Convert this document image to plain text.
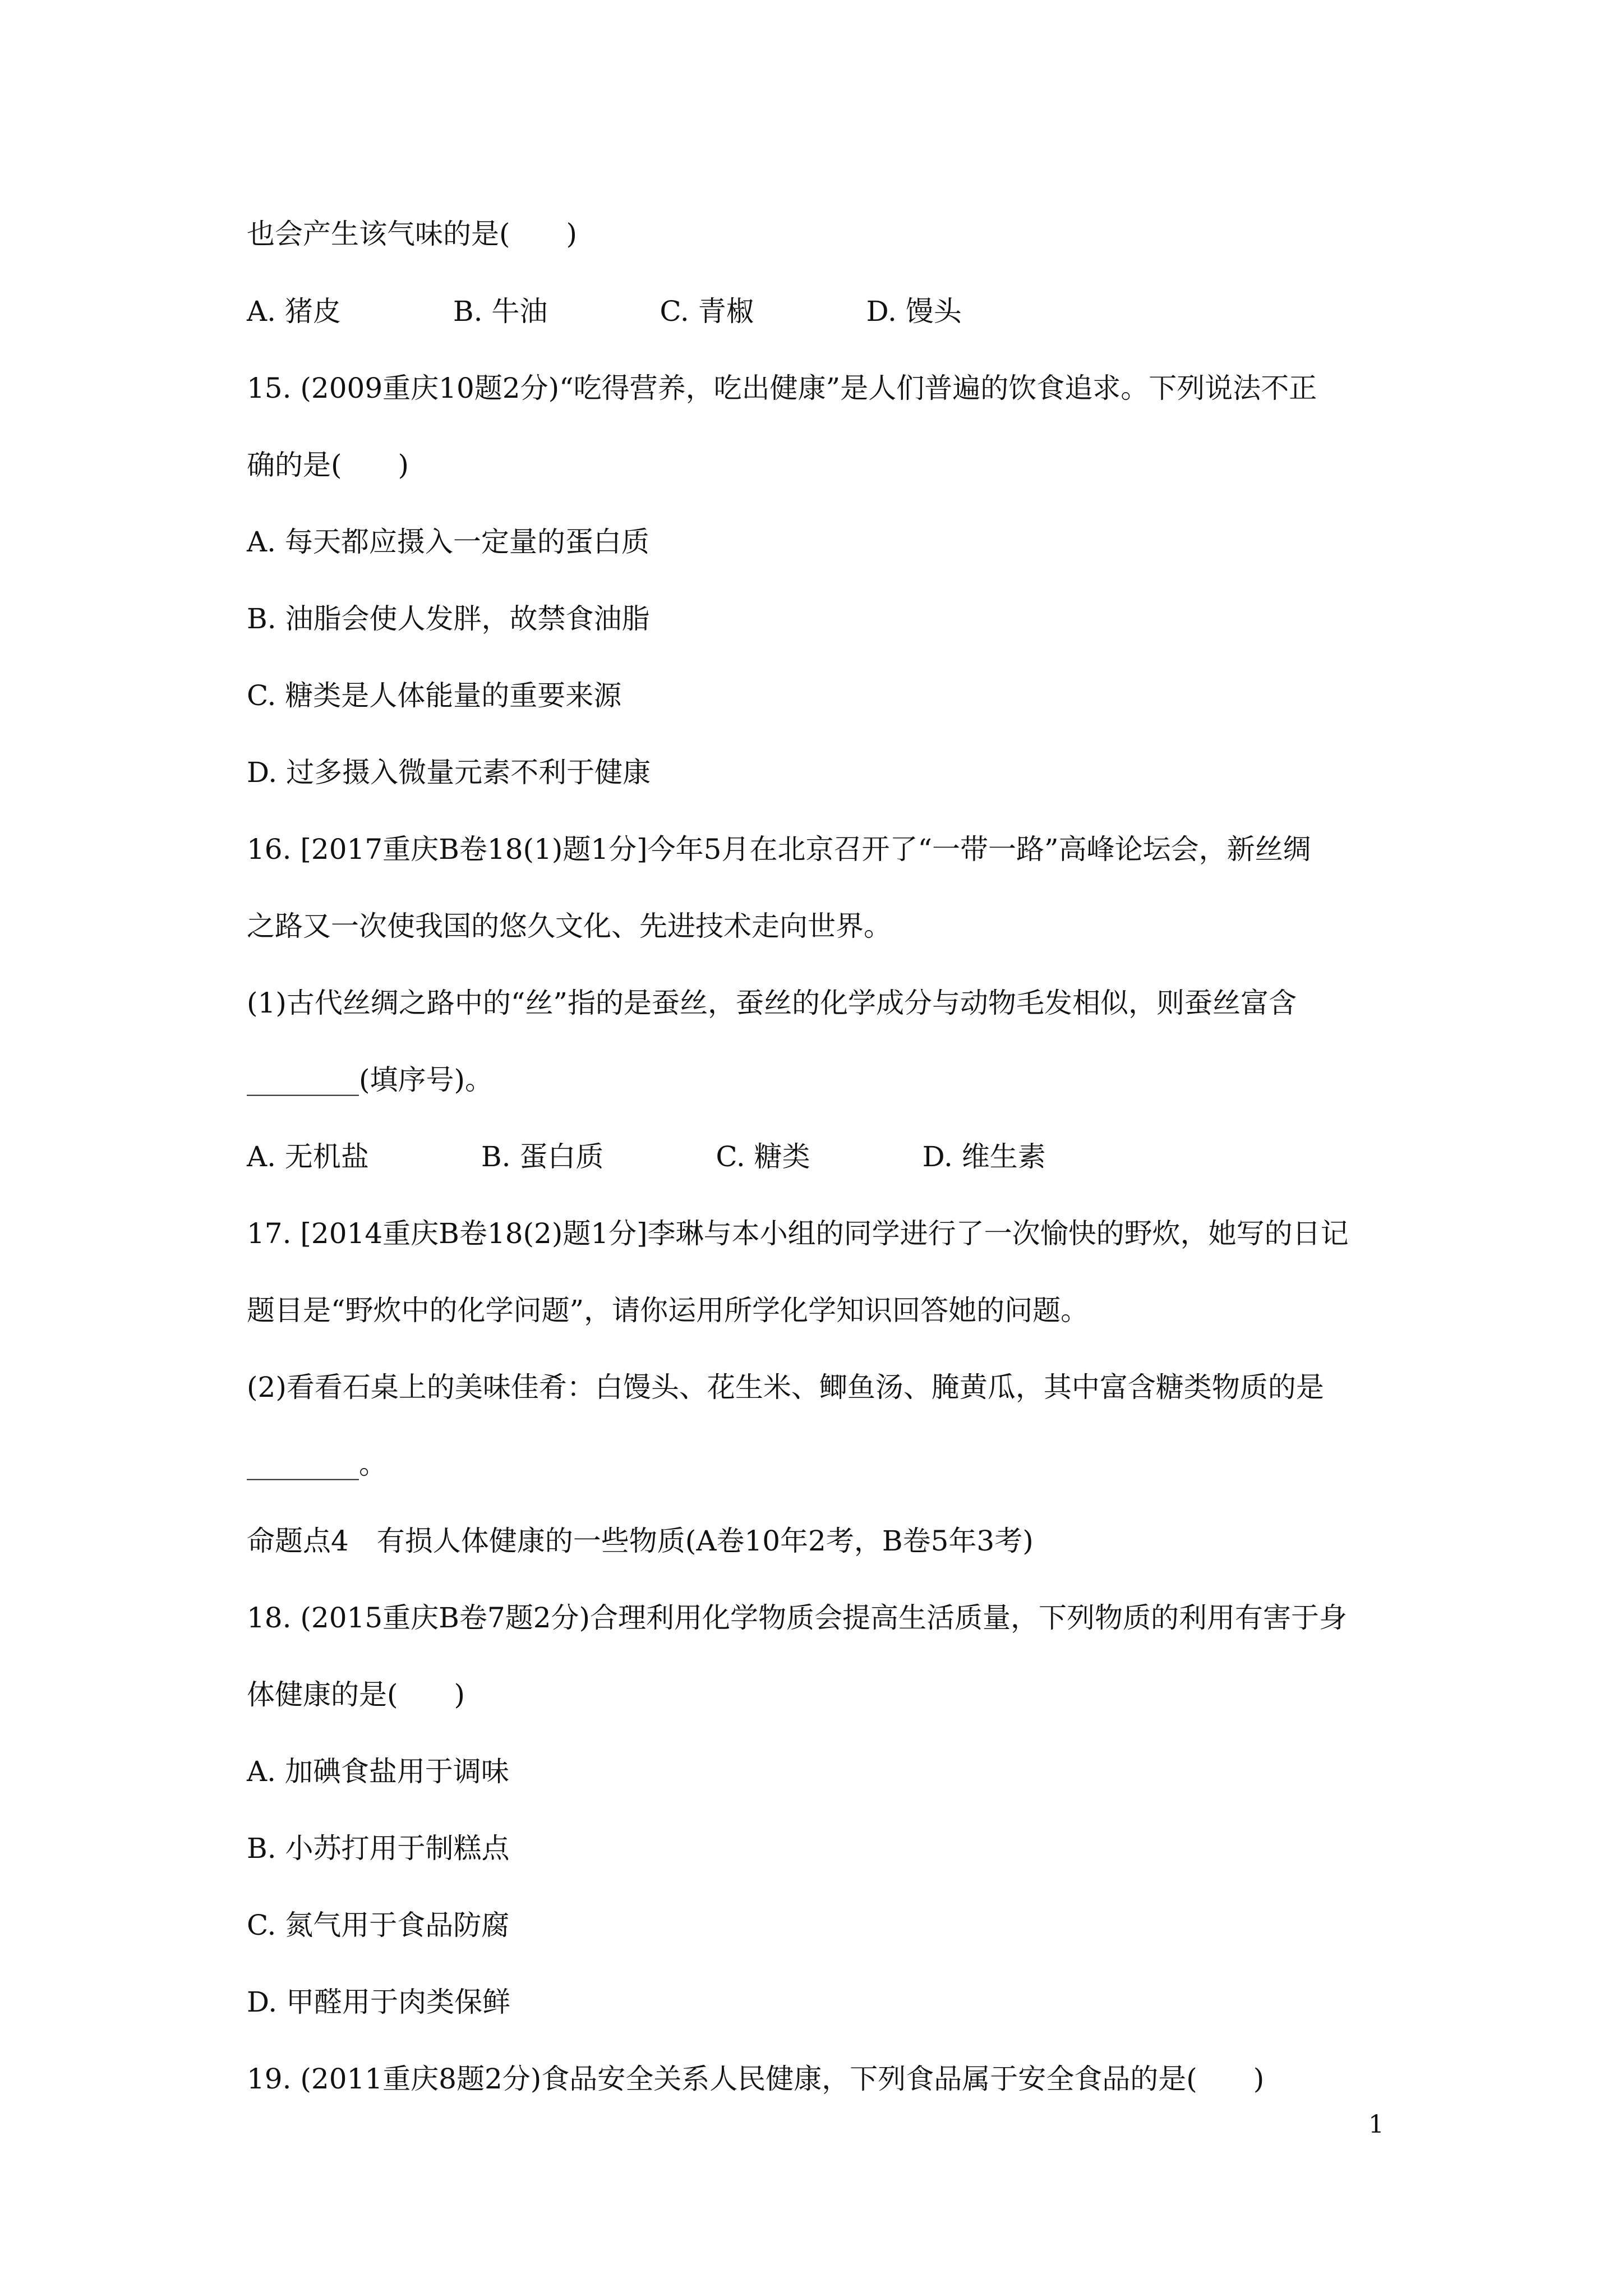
也会产生该气味的是(　　)
A. 猪皮　　　　B. 牛油　　　　C. 青椒　　　　D. 馒头
15. (2009重庆10题2分)“吃得营养，吃出健康”是人们普遍的饮食追求。下列说法不正
确的是(　　)
A. 每天都应摄入一定量的蛋白质
B. 油脂会使人发胖，故禁食油脂
C. 糖类是人体能量的重要来源
D. 过多摄入微量元素不利于健康
16. [2017重庆B卷18(1)题1分]今年5月在北京召开了“一带一路”高峰论坛会，新丝绸
之路又一次使我国的悠久文化、先进技术走向世界。
(1)古代丝绸之路中的“丝”指的是蚕丝，蚕丝的化学成分与动物毛发相似，则蚕丝富含
________(填序号)。
A. 无机盐　　　　B. 蛋白质　　　　C. 糖类　　　　D. 维生素
17. [2014重庆B卷18(2)题1分]李琳与本小组的同学进行了一次愉快的野炊，她写的日记
题目是“野炊中的化学问题”，请你运用所学化学知识回答她的问题。
(2)看看石桌上的美味佳肴：白馒头、花生米、鲫鱼汤、腌黄瓜，其中富含糖类物质的是
________。
命题点4　有损人体健康的一些物质(A卷10年2考，B卷5年3考)
18. (2015重庆B卷7题2分)合理利用化学物质会提高生活质量，下列物质的利用有害于身
体健康的是(　　)
A. 加碘食盐用于调味
B. 小苏打用于制糕点
C. 氮气用于食品防腐
D. 甲醛用于肉类保鲜
19. (2011重庆8题2分)食品安全关系人民健康，下列食品属于安全食品的是(　　)
1
